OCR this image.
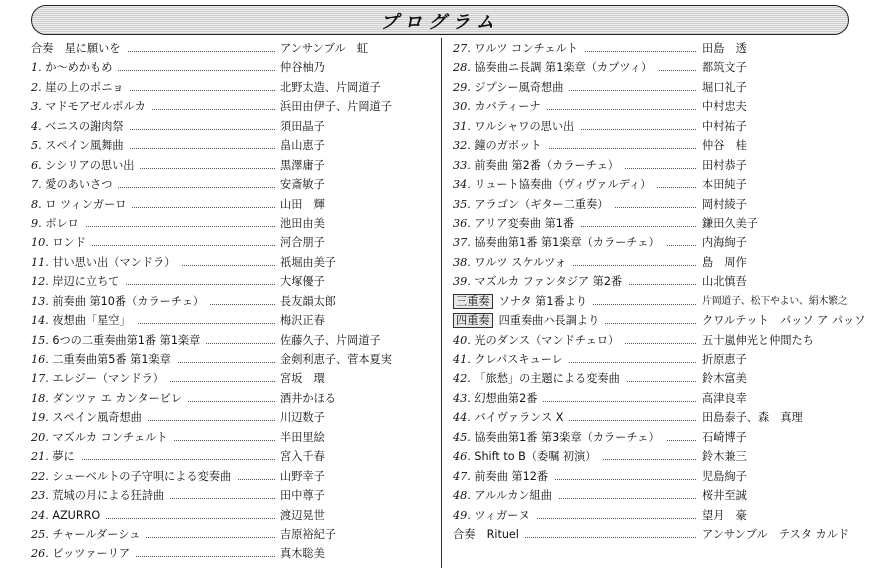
プログラム
合奏　星に願いを	アンサンブル　虹
1. か〜めかもめ	仲谷柚乃
2. 崖の上のポニョ	北野太造、片岡道子
3. マドモアゼルポルカ	浜田由伊子、片岡道子
4. ベニスの謝肉祭	須田晶子
5. スペイン風舞曲	畠山恵子
6. シシリアの思い出	黒澤庸子
7. 愛のあいさつ	安斎敏子
8. ロ ツィンガーロ	山田　輝
9. ボレロ	池田由美
10. ロンド	河合朋子
11. 甘い思い出（マンドラ）	祇堀由美子
12. 岸辺に立ちて	大塚優子
13. 前奏曲 第10番（カラーチェ）	長友韻太郎
14. 夜想曲「星空」	梅沢正春
15. 6つの二重奏曲第1番 第1楽章	佐藤久子、片岡道子
16. 二重奏曲第5番 第1楽章	金剣利恵子、菅本夏実
17. エレジー（マンドラ）	宮坂　環
18. ダンツァ エ カンタービレ	酒井かほる
19. スペイン風奇想曲	川辺数子
20. マズルカ コンチェルト	半田里絵
21. 夢に	宮入千春
22. シューベルトの子守唄による変奏曲	山野幸子
23. 荒城の月による狂詩曲	田中尊子
24. AZURRO	渡辺晃世
25. チャールダーシュ	吉原裕紀子
26. ビッツァーリア	真木聡美
27. ワルツ コンチェルト	田島　透
28. 協奏曲ニ長調 第1楽章（カプツィ）	都筑文子
29. ジプシー風奇想曲	堀口礼子
30. カバティーナ	中村忠夫
31. ワルシャワの思い出	中村祐子
32. 鐘のガボット	仲谷　桂
33. 前奏曲 第2番（カラーチェ）	田村恭子
34. リュート協奏曲（ヴィヴァルディ）	本田純子
35. アラゴン（ギター二重奏）	岡村綾子
36. アリア変奏曲 第1番	鎌田久美子
37. 協奏曲第1番 第1楽章（カラーチェ）	内海絢子
38. ワルツ スケルツォ	島　周作
39. マズルカ ファンタジア 第2番	山北慎吾
三重奏 ソナタ 第1番より	片岡道子、松下やよい、絹木繁之
四重奏 四重奏曲ハ長調より	クワルテット　パッソ ア パッソ
40. 光のダンス（マンドチェロ）	五十嵐伸光と仲間たち
41. クレパスキューレ	折原恵子
42. 「旅愁」の主題による変奏曲	鈴木富美
43. 幻想曲第2番	高津良幸
44. バイヴァランス X	田島泰子、森　真理
45. 協奏曲第1番 第3楽章（カラーチェ）	石崎博子
46. Shift to B（委嘱 初演）	鈴木兼三
47. 前奏曲 第12番	児島絢子
48. アルルカン組曲	桜井至誠
49. ツィガーヌ	望月　豪
合奏　Rituel	アンサンブル　テスタ カルド
